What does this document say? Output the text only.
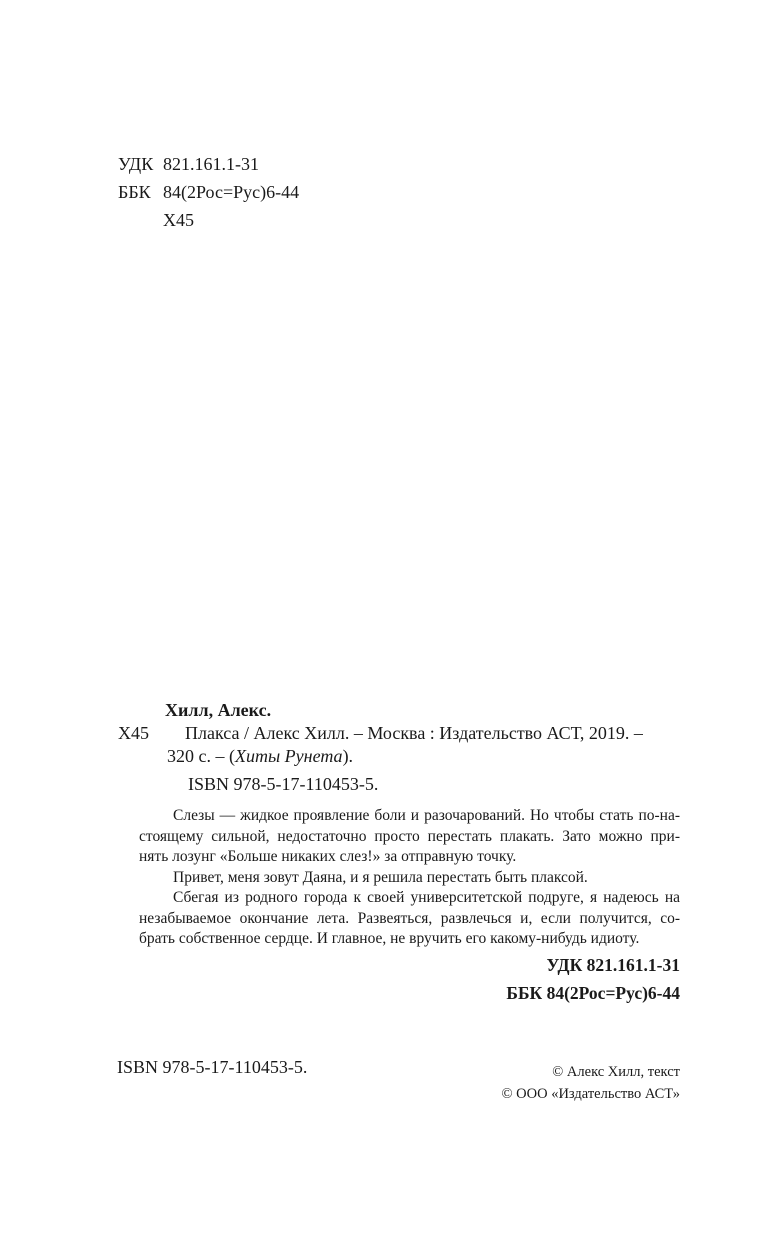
УДК 821.161.1-31
ББК 84(2Рос=Рус)6-44
Х45
Хилл, Алекс.
Х45 Плакса / Алекс Хилл. – Москва : Издательство АСТ, 2019. –
320 с. – (Хиты Рунета).
ISBN 978-5-17-110453-5.
Слезы — жидкое проявление боли и разочарований. Но чтобы стать по-на-
стоящему сильной, недостаточно просто перестать плакать. Зато можно при-
нять лозунг «Больше никаких слез!» за отправную точку.
Привет, меня зовут Даяна, и я решила перестать быть плаксой.
Сбегая из родного города к своей университетской подруге, я надеюсь на
незабываемое окончание лета. Развеяться, развлечься и, если получится, со-
брать собственное сердце. И главное, не вручить его какому-нибудь идиоту.
УДК 821.161.1-31
ББК 84(2Рос=Рус)6-44
ISBN 978-5-17-110453-5.	© Алекс Хилл, текст
© ООО «Издательство АСТ»
